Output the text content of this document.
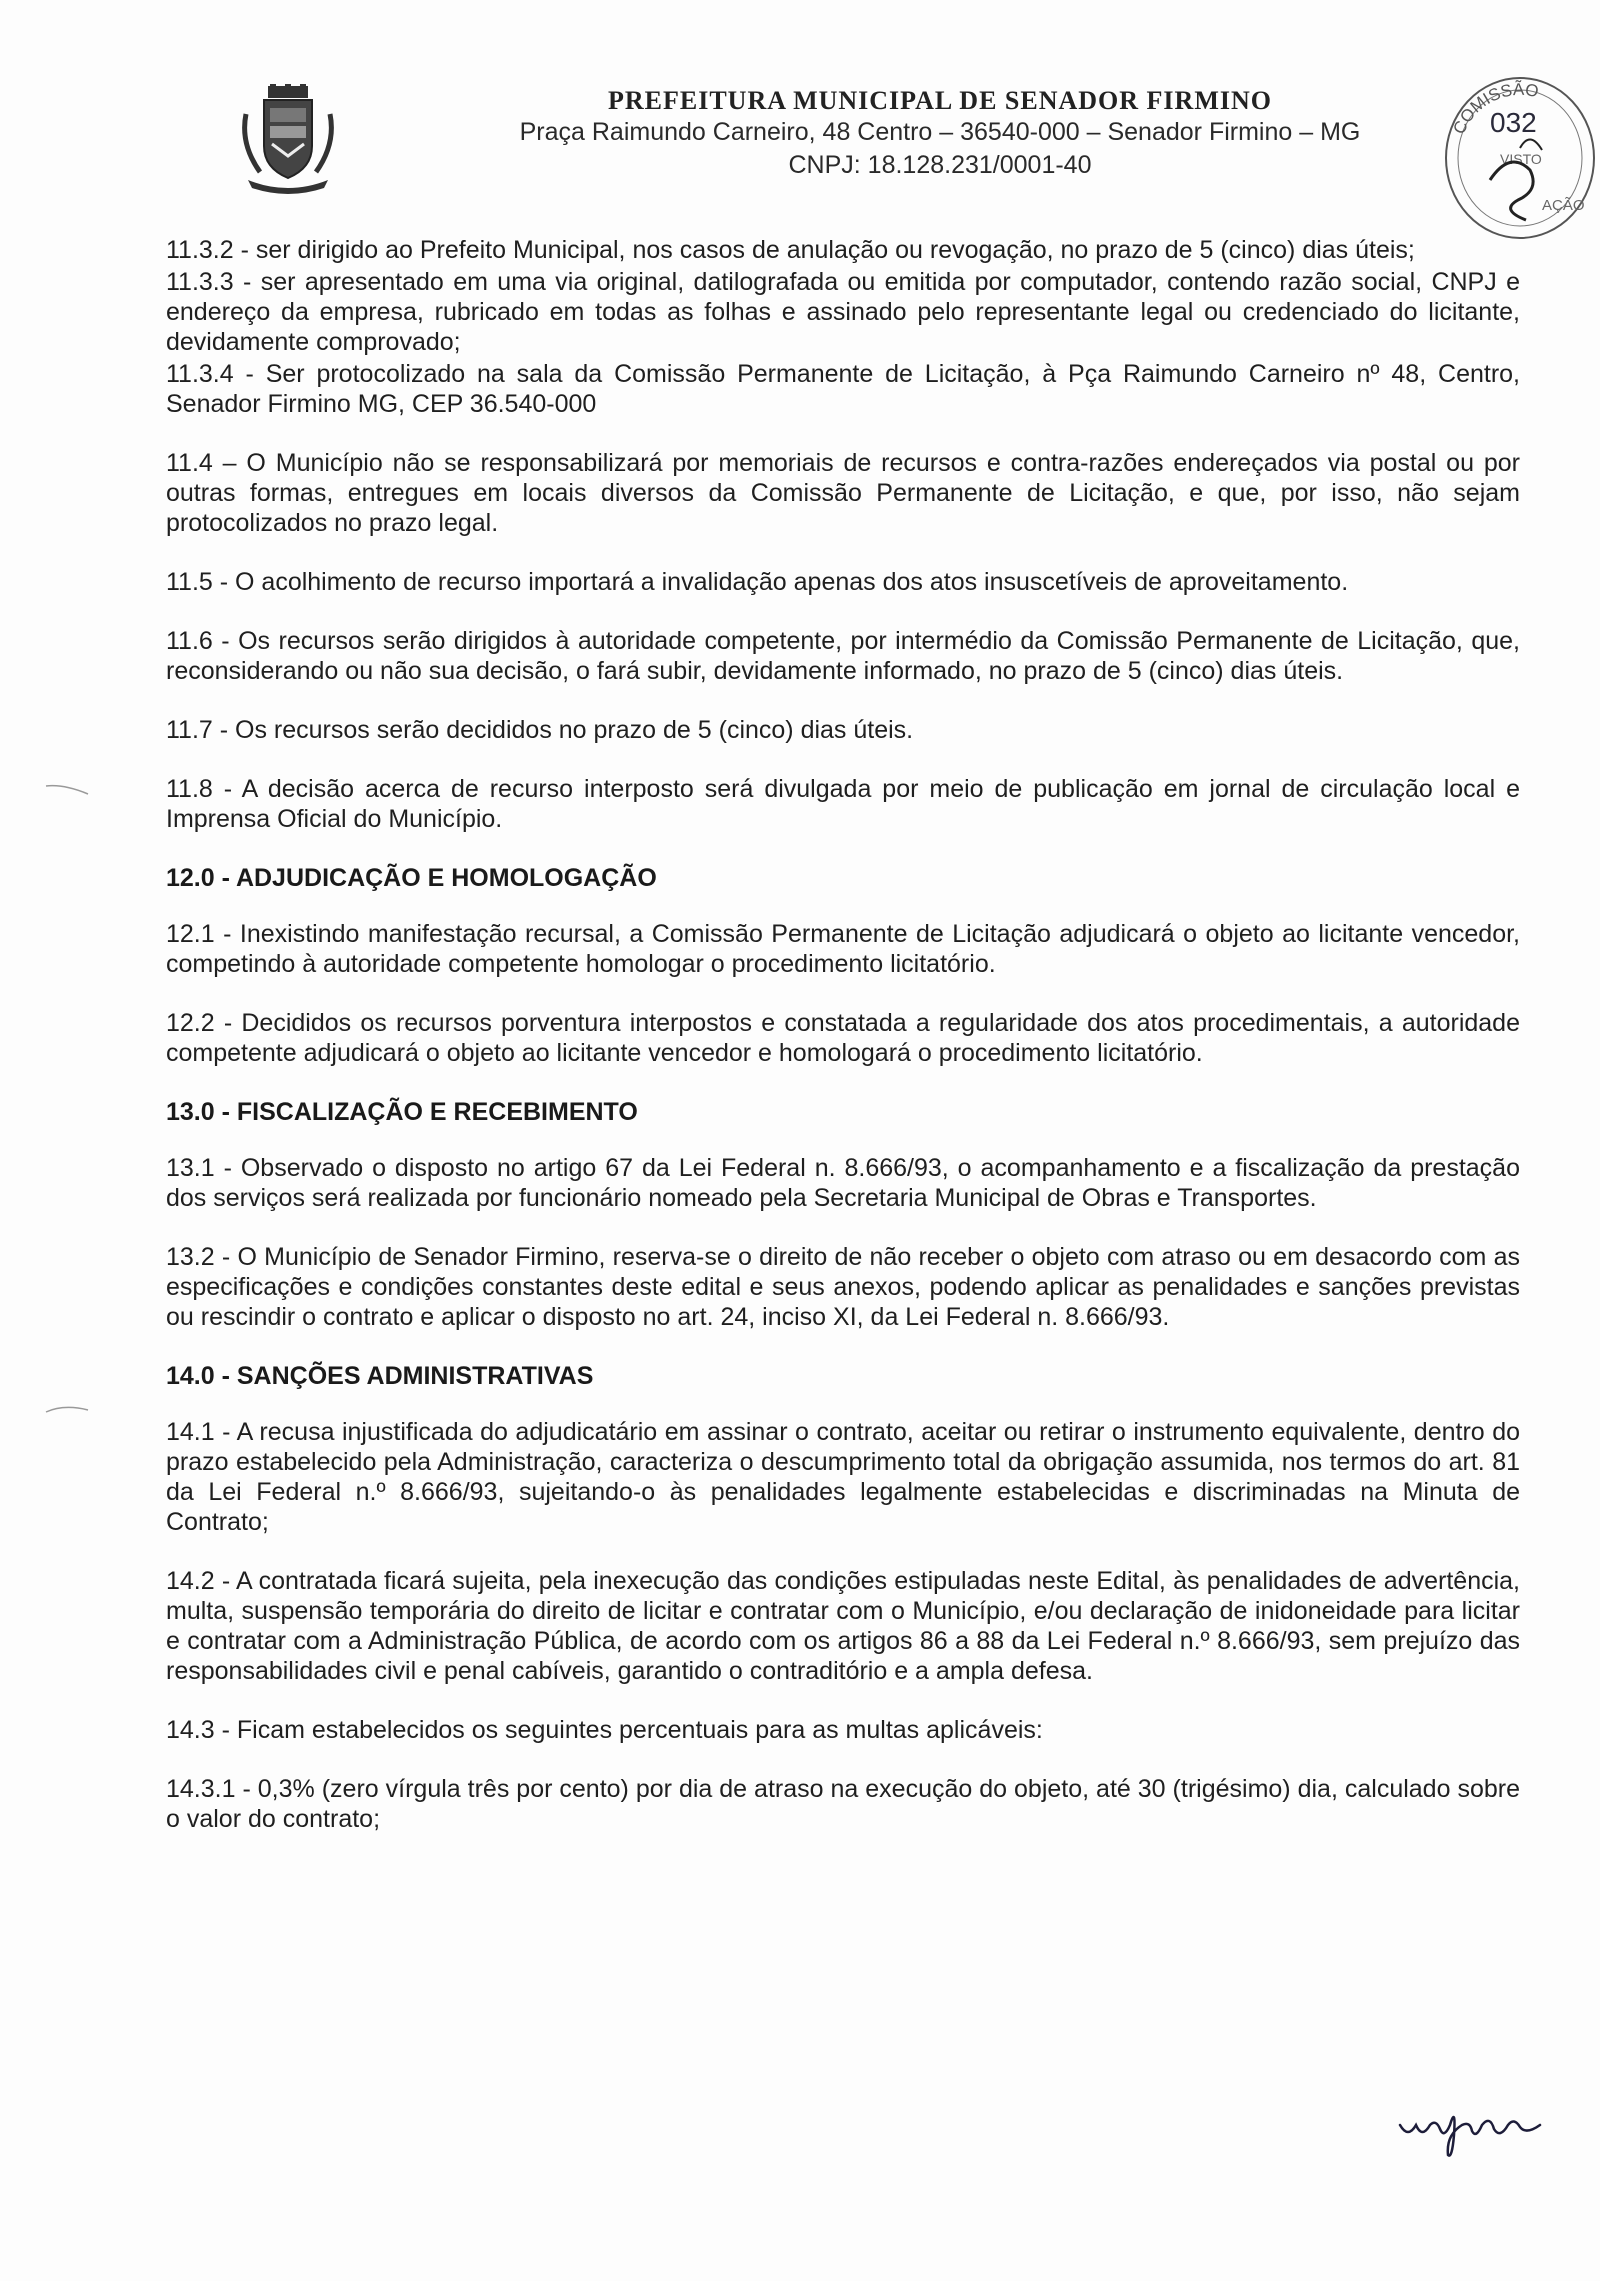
PREFEITURA MUNICIPAL DE SENADOR FIRMINO
Praça Raimundo Carneiro, 48 Centro – 36540-000 – Senador Firmino – MG
CNPJ: 18.128.231/0001-40
COMISSÃO
032
VISTO
AÇÃO

11.3.2 - ser dirigido ao Prefeito Municipal, nos casos de anulação ou revogação, no prazo de 5 (cinco) dias úteis;

11.3.3 - ser apresentado em uma via original, datilografada ou emitida por computador, contendo razão social, CNPJ e endereço da empresa, rubricado em todas as folhas e assinado pelo representante legal ou credenciado do licitante, devidamente comprovado;

11.3.4 - Ser protocolizado na sala da Comissão Permanente de Licitação, à Pça Raimundo Carneiro nº 48, Centro, Senador Firmino MG, CEP 36.540-000

11.4 – O Município não se responsabilizará por memoriais de recursos e contra-razões endereçados via postal ou por outras formas, entregues em locais diversos da Comissão Permanente de Licitação, e que, por isso, não sejam protocolizados no prazo legal.

11.5 - O acolhimento de recurso importará a invalidação apenas dos atos insuscetíveis de aproveitamento.

11.6 - Os recursos serão dirigidos à autoridade competente, por intermédio da Comissão Permanente de Licitação, que, reconsiderando ou não sua decisão, o fará subir, devidamente informado, no prazo de 5 (cinco) dias úteis.

11.7 - Os recursos serão decididos no prazo de 5 (cinco) dias úteis.

11.8 - A decisão acerca de recurso interposto será divulgada por meio de publicação em jornal de circulação local e Imprensa Oficial do Município.

12.0 - ADJUDICAÇÃO E HOMOLOGAÇÃO

12.1 - Inexistindo manifestação recursal, a Comissão Permanente de Licitação adjudicará o objeto ao licitante vencedor, competindo à autoridade competente homologar o procedimento licitatório.

12.2 - Decididos os recursos porventura interpostos e constatada a regularidade dos atos procedimentais, a autoridade competente adjudicará o objeto ao licitante vencedor e homologará o procedimento licitatório.

13.0 - FISCALIZAÇÃO E RECEBIMENTO

13.1 - Observado o disposto no artigo 67 da Lei Federal n. 8.666/93, o acompanhamento e a fiscalização da prestação dos serviços será realizada por funcionário nomeado pela Secretaria Municipal de Obras e Transportes.

13.2 - O Município de Senador Firmino, reserva-se o direito de não receber o objeto com atraso ou em desacordo com as especificações e condições constantes deste edital e seus anexos, podendo aplicar as penalidades e sanções previstas ou rescindir o contrato e aplicar o disposto no art. 24, inciso XI, da Lei Federal n. 8.666/93.

14.0 - SANÇÕES ADMINISTRATIVAS

14.1 - A recusa injustificada do adjudicatário em assinar o contrato, aceitar ou retirar o instrumento equivalente, dentro do prazo estabelecido pela Administração, caracteriza o descumprimento total da obrigação assumida, nos termos do art. 81 da Lei Federal n.º 8.666/93, sujeitando-o às penalidades legalmente estabelecidas e discriminadas na Minuta de Contrato;

14.2 - A contratada ficará sujeita, pela inexecução das condições estipuladas neste Edital, às penalidades de advertência, multa, suspensão temporária do direito de licitar e contratar com o Município, e/ou declaração de inidoneidade para licitar e contratar com a Administração Pública, de acordo com os artigos 86 a 88 da Lei Federal n.º 8.666/93, sem prejuízo das responsabilidades civil e penal cabíveis, garantido o contraditório e a ampla defesa.

14.3 - Ficam estabelecidos os seguintes percentuais para as multas aplicáveis:

14.3.1 - 0,3% (zero vírgula três por cento) por dia de atraso na execução do objeto, até 30 (trigésimo) dia, calculado sobre o valor do contrato;
